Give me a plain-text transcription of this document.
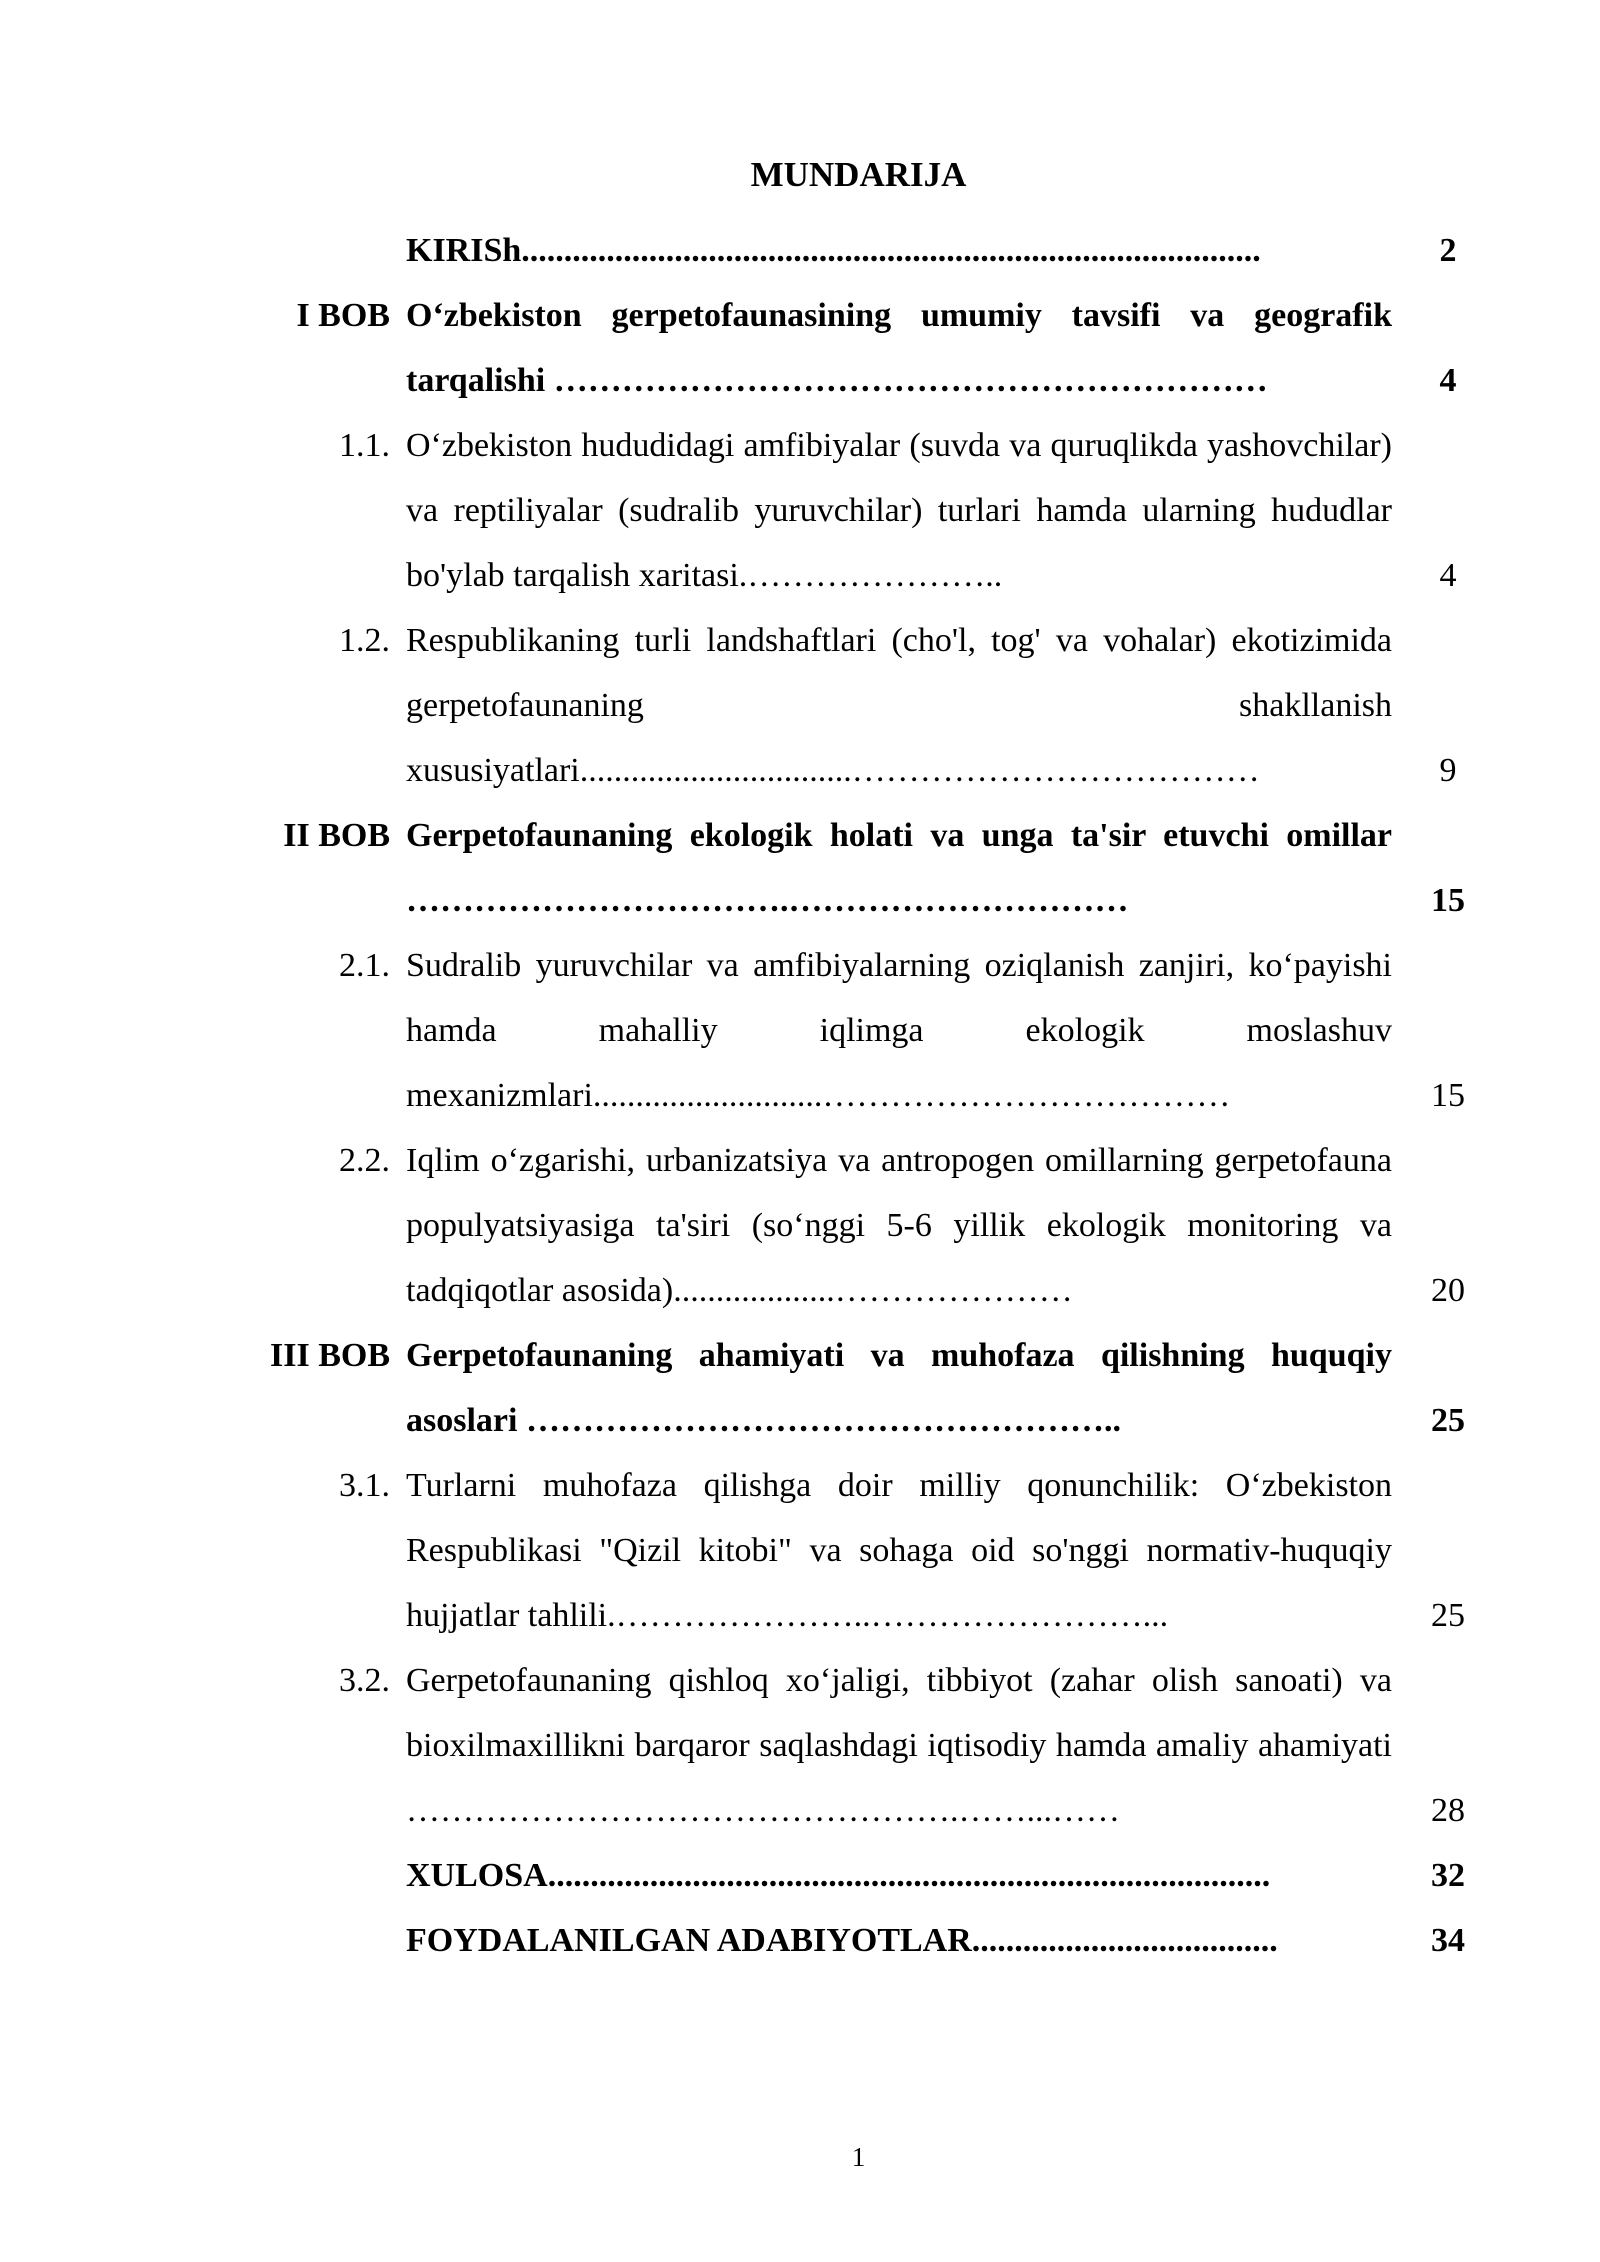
MUNDARIJA
KIRISh.......................................................................................	2
I BOB O‘zbekiston gerpetofaunasining umumiy tavsifi va geografik tarqalishi ………………………………………………………	4
1.1. O‘zbekiston hududidagi amfibiyalar (suvda va quruqlikda yashovchilar) va reptiliyalar (sudralib yuruvchilar) turlari hamda ularning hududlar bo'ylab tarqalish xaritasi.…………………..	4
1.2. Respublikaning turli landshaftlari (cho'l, tog' va vohalar) ekotizimida gerpetofaunaning shakllanish xususiyatlari................................………………………………	9
II BOB Gerpetofaunaning ekologik holati va unga ta'sir etuvchi omillar …………………………….…………………………	15
2.1. Sudralib yuruvchilar va amfibiyalarning oziqlanish zanjiri, ko‘payishi hamda mahalliy iqlimga ekologik moslashuv mexanizmlari...........................………………………………	15
2.2. Iqlim o‘zgarishi, urbanizatsiya va antropogen omillarning gerpetofauna populyatsiyasiga ta'siri (so‘nggi 5-6 yillik ekologik monitoring va tadqiqotlar asosida)...................…………………	20
III BOB Gerpetofaunaning ahamiyati va muhofaza qilishning huquqiy asoslari ……………………………………………..	25
3.1. Turlarni muhofaza qilishga doir milliy qonunchilik: O‘zbekiston Respublikasi "Qizil kitobi" va sohaga oid so'nggi normativ-huquqiy hujjatlar tahlili.…………………..……………………...	25
3.2. Gerpetofaunaning qishloq xo‘jaligi, tibbiyot (zahar olish sanoati) va bioxilmaxillikni barqaror saqlashdagi iqtisodiy hamda amaliy ahamiyati ………………………………………….……...……	28
XULOSA.....................................................................................	32
FOYDALANILGAN ADABIYOTLAR....................................	34
1
